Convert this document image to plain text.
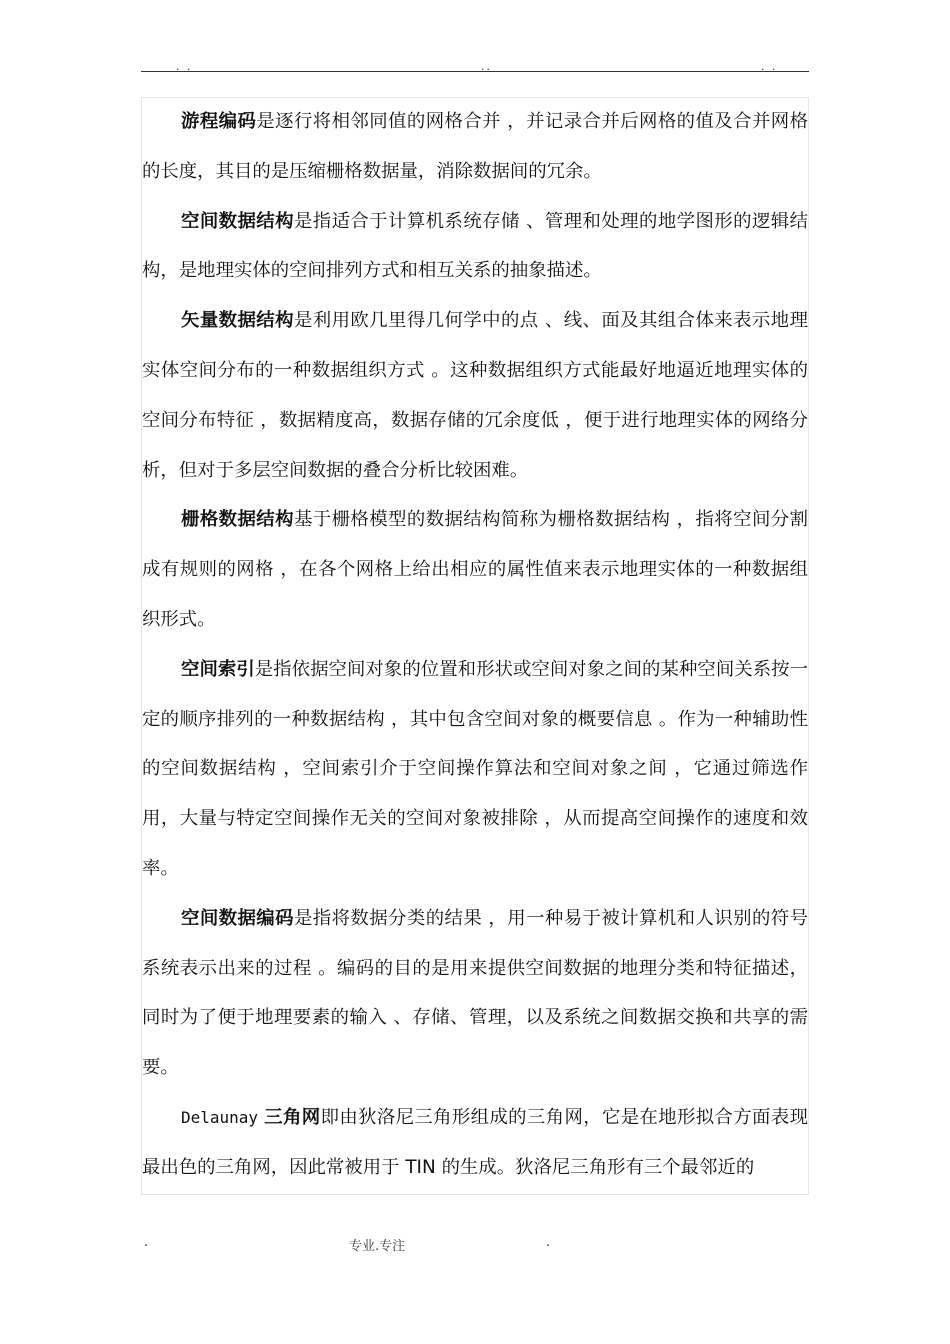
. .	..	. .

游程编码是逐行将相邻同值的网格合并 ，并记录合并后网格的值及合并网格的长度，其目的是压缩栅格数据量，消除数据间的冗余。

空间数据结构是指适合于计算机系统存储 、管理和处理的地学图形的逻辑结构，是地理实体的空间排列方式和相互关系的抽象描述。

矢量数据结构是利用欧几里得几何学中的点 、线、面及其组合体来表示地理实体空间分布的一种数据组织方式 。这种数据组织方式能最好地逼近地理实体的空间分布特征 ，数据精度高，数据存储的冗余度低 ，便于进行地理实体的网络分析，但对于多层空间数据的叠合分析比较困难。

栅格数据结构基于栅格模型的数据结构简称为栅格数据结构 ，指将空间分割成有规则的网格 ，在各个网格上给出相应的属性值来表示地理实体的一种数据组织形式。

空间索引是指依据空间对象的位置和形状或空间对象之间的某种空间关系按一定的顺序排列的一种数据结构 ，其中包含空间对象的概要信息 。作为一种辅助性的空间数据结构 ，空间索引介于空间操作算法和空间对象之间 ，它通过筛选作用，大量与特定空间操作无关的空间对象被排除 ，从而提高空间操作的速度和效率。

空间数据编码是指将数据分类的结果 ，用一种易于被计算机和人识别的符号系统表示出来的过程 。编码的目的是用来提供空间数据的地理分类和特征描述，同时为了便于地理要素的输入 、存储、管理，以及系统之间数据交换和共享的需要。

Delaunay 三角网即由狄洛尼三角形组成的三角网，它是在地形拟合方面表现最出色的三角网，因此常被用于 TIN 的生成。狄洛尼三角形有三个最邻近的

.	专业.专注	.
